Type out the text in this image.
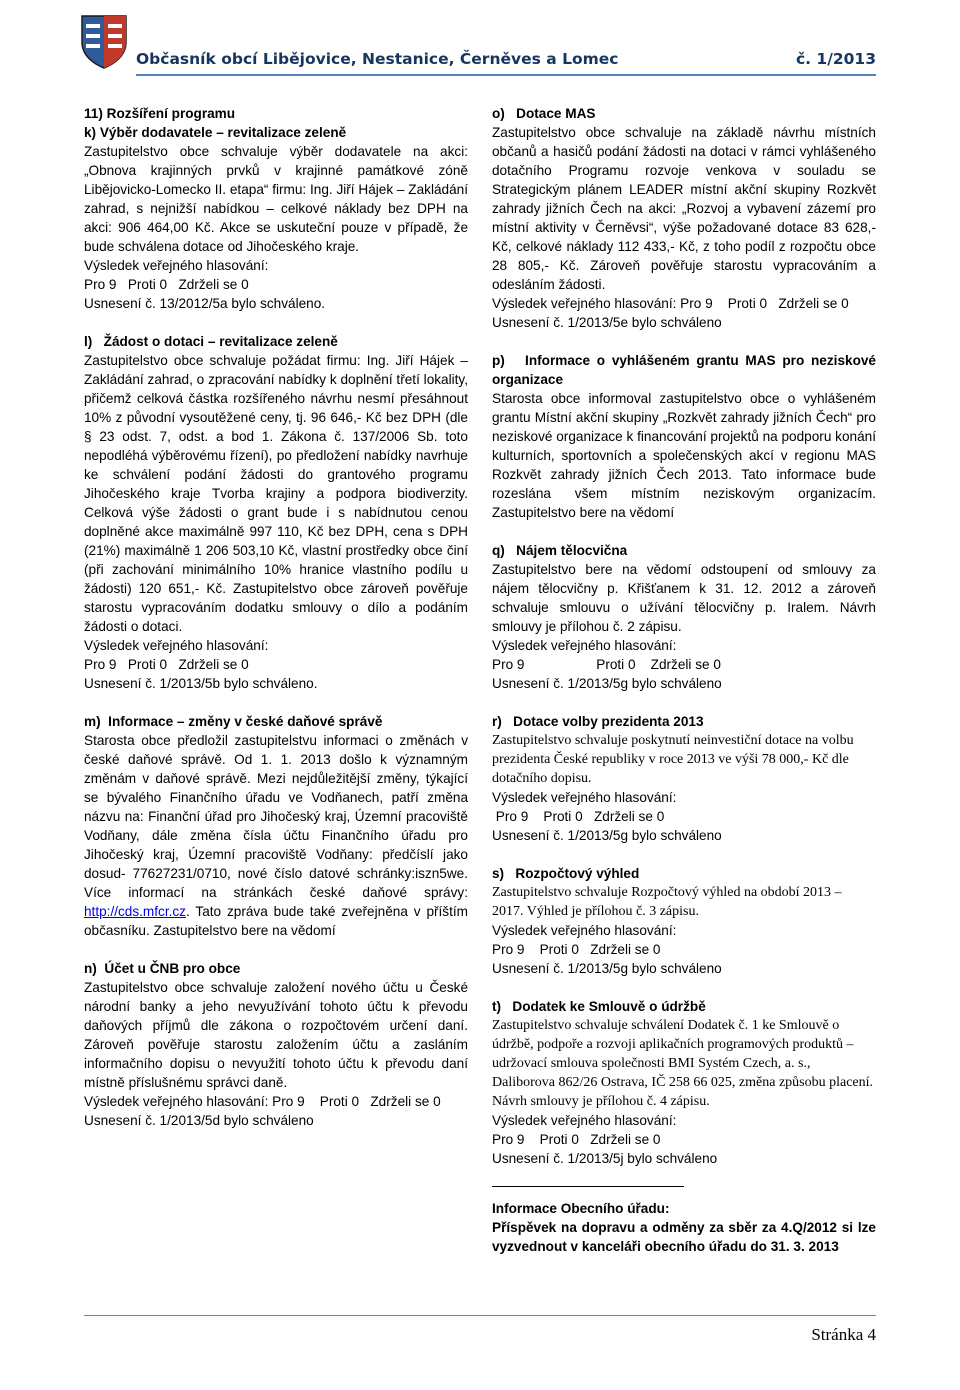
Občasník obcí Libějovice, Nestanice, Černěves a Lomec	č. 1/2013

11) Rozšíření programu

k) Výběr dodavatele – revitalizace zeleně

Zastupitelstvo obce schvaluje výběr dodavatele na akci: „Obnova krajinných prvků v krajinné památkové zóně Libějovicko-Lomecko II. etapa“ firmu: Ing. Jiří Hájek – Zakládání zahrad, s nejnižší nabídkou – celkové náklady bez DPH na akci: 906 464,00 Kč. Akce se uskuteční pouze v případě, že bude schválena dotace od Jihočeského kraje.

Výsledek veřejného hlasování:

Pro 9   Proti 0   Zdrželi se 0

Usnesení č. 13/2012/5a bylo schváleno.

l)   Žádost o dotaci – revitalizace zeleně

Zastupitelstvo obce schvaluje požádat firmu: Ing. Jiří Hájek – Zakládání zahrad, o zpracování nabídky k doplnění třetí lokality, přičemž celková částka rozšířeného návrhu nesmí přesáhnout 10% z původní vysoutěžené ceny, tj. 96 646,- Kč bez DPH (dle § 23 odst. 7, odst. a bod 1. Zákona č. 137/2006 Sb. toto nepodléhá výběrovému řízení), po předložení nabídky navrhuje ke schválení podání žádosti do grantového programu Jihočeského kraje Tvorba krajiny a podpora biodiverzity. Celková výše žádosti o grant bude i s nabídnutou cenou doplněné akce maximálně 997 110, Kč bez DPH, cena s DPH (21%) maximálně 1 206 503,10 Kč, vlastní prostředky obce činí (při zachování minimálního 10% hranice vlastního podílu u žádosti) 120 651,- Kč. Zastupitelstvo obce zároveň pověřuje starostu vypracováním dodatku smlouvy o dílo a podáním žádosti o dotaci.

Výsledek veřejného hlasování:

Pro 9   Proti 0   Zdrželi se 0

Usnesení č. 1/2013/5b bylo schváleno.

m)  Informace – změny v české daňové správě

Starosta obce předložil zastupitelstvu informaci o změnách v české daňové správě. Od 1. 1. 2013 došlo k významným změnám v daňové správě. Mezi nejdůležitější změny, týkající se bývalého Finančního úřadu ve Vodňanech, patří změna názvu na: Finanční úřad pro Jihočeský kraj, Územní pracoviště Vodňany, dále změna čísla účtu Finančního úřadu pro Jihočeský kraj, Územní pracoviště Vodňany: předčíslí jako dosud- 77627231/0710, nové číslo datové schránky:iszn5we. Více informací na stránkách české daňové správy: http://cds.mfcr.cz. Tato zpráva bude také zveřejněna v příštím občasníku. Zastupitelstvo bere na vědomí

n)  Účet u ČNB pro obce

Zastupitelstvo obce schvaluje založení nového účtu u České národní banky a jeho nevyužívání tohoto účtu k převodu daňových příjmů dle zákona o rozpočtovém určení daní. Zároveň pověřuje starostu založením účtu a zasláním informačního dopisu o nevyužití tohoto účtu k převodu daní místně příslušnému správci daně.

Výsledek veřejného hlasování: Pro 9    Proti 0   Zdrželi se 0

Usnesení č. 1/2013/5d bylo schváleno

o)   Dotace MAS

Zastupitelstvo obce schvaluje na základě návrhu místních občanů a hasičů podání žádosti na dotaci v rámci vyhlášeného dotačního Programu rozvoje venkova v souladu se Strategickým plánem LEADER místní akční skupiny Rozkvět zahrady jižních Čech na akci: „Rozvoj a vybavení zázemí pro místní aktivity v Černěvsi“, výše požadované dotace 83 628,- Kč, celkové náklady 112 433,- Kč, z toho podíl z rozpočtu obce 28 805,- Kč. Zároveň pověřuje starostu vypracováním a odesláním žádosti.

Výsledek veřejného hlasování: Pro 9    Proti 0   Zdrželi se 0

Usnesení č. 1/2013/5e bylo schváleno

p)   Informace o vyhlášeném grantu MAS pro neziskové organizace

Starosta obce informoval zastupitelstvo obce o vyhlášeném grantu Místní akční skupiny „Rozkvět zahrady jižních Čech“ pro neziskové organizace k financování projektů na podporu konání kulturních, sportovních a společenských akcí v regionu MAS Rozkvět zahrady jižních Čech 2013. Tato informace bude rozeslána všem místním neziskovým organizacím. Zastupitelstvo bere na vědomí

q)   Nájem tělocvična

Zastupitelstvo bere na vědomí odstoupení od smlouvy za nájem tělocvičny p. Křišťanem k 31. 12. 2012 a zároveň schvaluje smlouvu o užívání tělocvičny p. Iralem. Návrh smlouvy je přílohou č. 2 zápisu.

Výsledek veřejného hlasování:

Pro 9                   Proti 0    Zdrželi se 0

Usnesení č. 1/2013/5g bylo schváleno

r)   Dotace volby prezidenta 2013

Zastupitelstvo schvaluje poskytnutí neinvestiční dotace na volbu prezidenta České republiky v roce 2013 ve výši 78 000,- Kč dle dotačního dopisu.

Výsledek veřejného hlasování:

Pro 9    Proti 0   Zdrželi se 0

Usnesení č. 1/2013/5g bylo schváleno

s)   Rozpočtový výhled

Zastupitelstvo schvaluje Rozpočtový výhled na období 2013 – 2017. Výhled je přílohou č. 3 zápisu.

Výsledek veřejného hlasování:

Pro 9    Proti 0   Zdrželi se 0

Usnesení č. 1/2013/5g bylo schváleno

t)   Dodatek ke Smlouvě o údržbě

Zastupitelstvo schvaluje schválení Dodatek č. 1 ke Smlouvě o údržbě, podpoře a rozvoji aplikačních programových produktů – udržovací smlouva společnosti BMI Systém Czech, a. s., Daliborova 862/26 Ostrava, IČ 258 66 025, změna způsobu placení. Návrh smlouvy je přílohou č. 4 zápisu.

Výsledek veřejného hlasování:

Pro 9    Proti 0   Zdrželi se 0

Usnesení č. 1/2013/5j bylo schváleno

Informace Obecního úřadu:

Příspěvek na dopravu a odměny za sběr za 4.Q/2012 si lze vyzvednout v kanceláři obecního úřadu do 31. 3. 2013

Stránka 4
